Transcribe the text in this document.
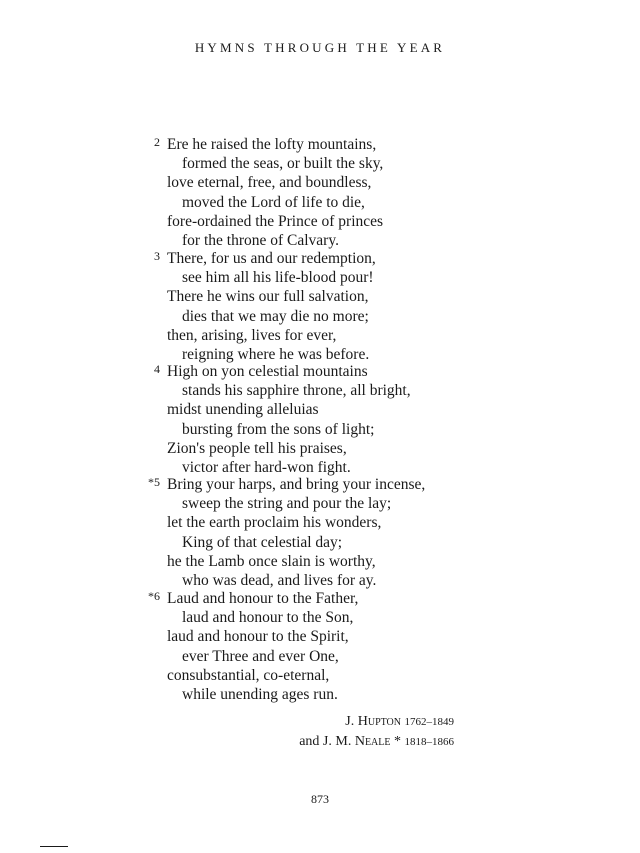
HYMNS THROUGH THE YEAR
2 Ere he raised the lofty mountains,
formed the seas, or built the sky,
love eternal, free, and boundless,
moved the Lord of life to die,
fore-ordained the Prince of princes
for the throne of Calvary.
3 There, for us and our redemption,
see him all his life-blood pour!
There he wins our full salvation,
dies that we may die no more;
then, arising, lives for ever,
reigning where he was before.
4 High on yon celestial mountains
stands his sapphire throne, all bright,
midst unending alleluias
bursting from the sons of light;
Zion's people tell his praises,
victor after hard-won fight.
*5 Bring your harps, and bring your incense,
sweep the string and pour the lay;
let the earth proclaim his wonders,
King of that celestial day;
he the Lamb once slain is worthy,
who was dead, and lives for ay.
*6 Laud and honour to the Father,
laud and honour to the Son,
laud and honour to the Spirit,
ever Three and ever One,
consubstantial, co-eternal,
while unending ages run.
J. Hupton 1762–1849
and J. M. Neale * 1818–1866
873
